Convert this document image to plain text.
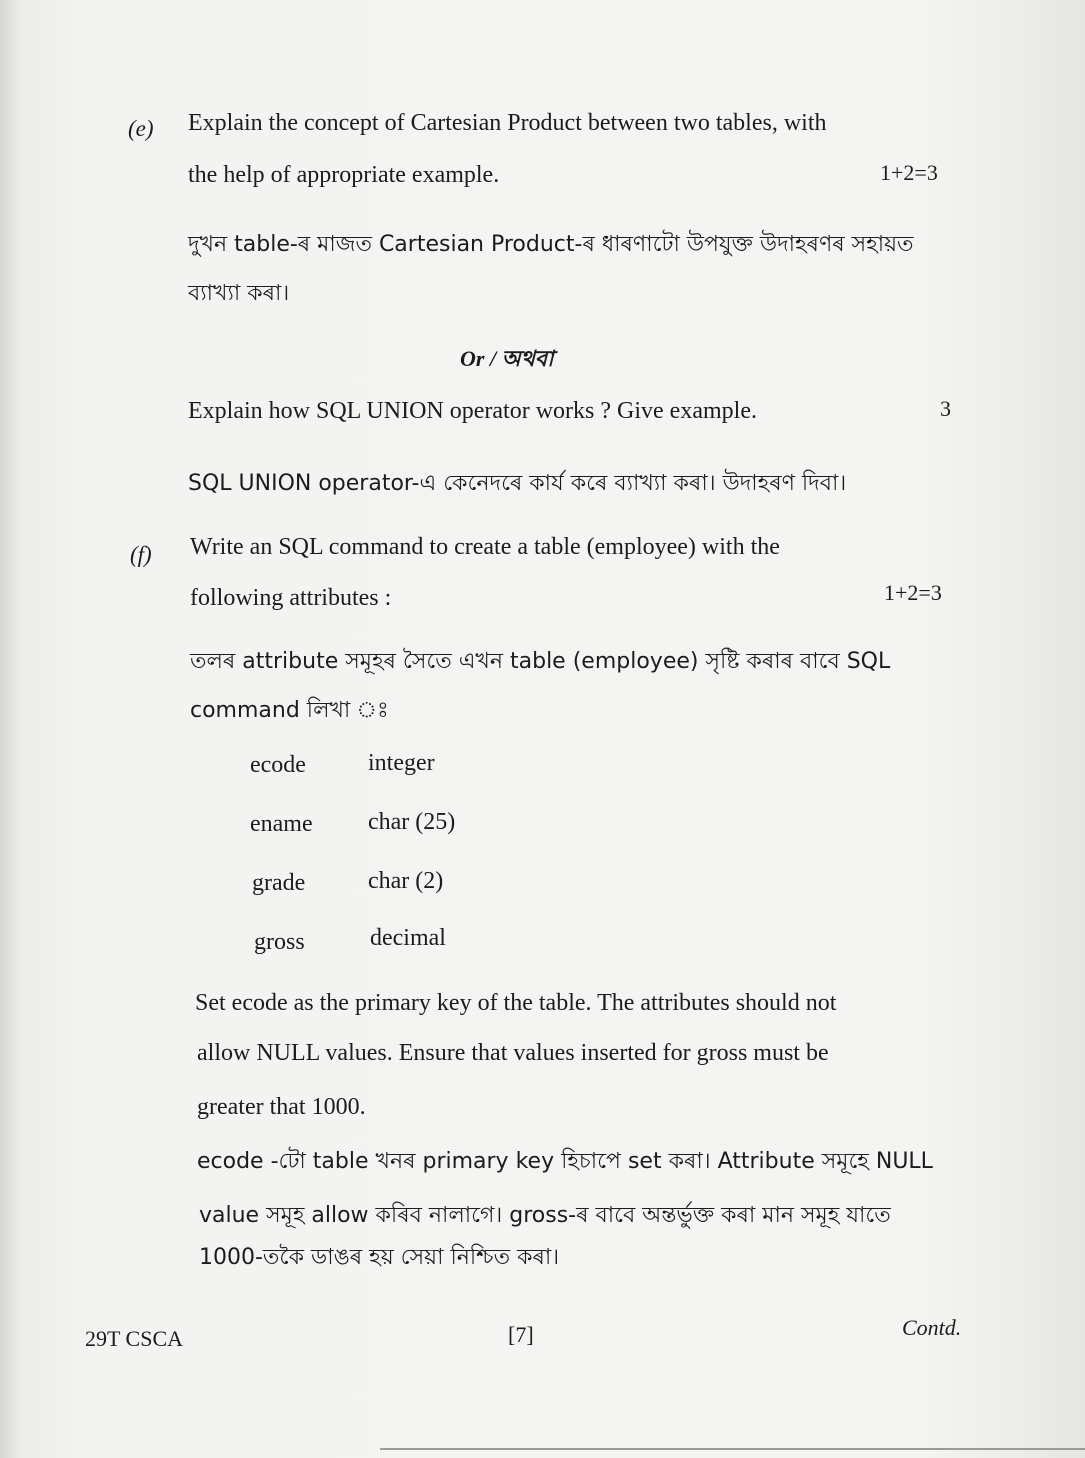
(e) Explain the concept of Cartesian Product between two tables, with
the help of appropriate example.	1+2=3
দুখন table-ৰ মাজত Cartesian Product-ৰ ধাৰণাটো উপযুক্ত উদাহৰণৰ সহায়ত
ব্যাখ্যা কৰা।
Or / অথবা
Explain how SQL UNION operator works ? Give example.	3
SQL UNION operator-এ কেনেদৰে কাৰ্য কৰে ব্যাখ্যা কৰা। উদাহৰণ দিবা।
(f) Write an SQL command to create a table (employee) with the
following attributes :	1+2=3
তলৰ attribute সমূহৰ সৈতে এখন table (employee) সৃষ্টি কৰাৰ বাবে SQL
command লিখা ঃ
ecode	integer
ename char (25)
grade	char (2)
gross	decimal
Set ecode as the primary key of the table. The attributes should not
allow NULL values. Ensure that values inserted for gross must be
greater that 1000.
ecode -টো table খনৰ primary key হিচাপে set কৰা। Attribute সমূহে NULL
value সমূহ allow কৰিব নালাগে। gross-ৰ বাবে অন্তৰ্ভুক্ত কৰা মান সমূহ যাতে
1000-তকৈ ডাঙৰ হয় সেয়া নিশ্চিত কৰা।
29T CSCA	[7]	Contd.
